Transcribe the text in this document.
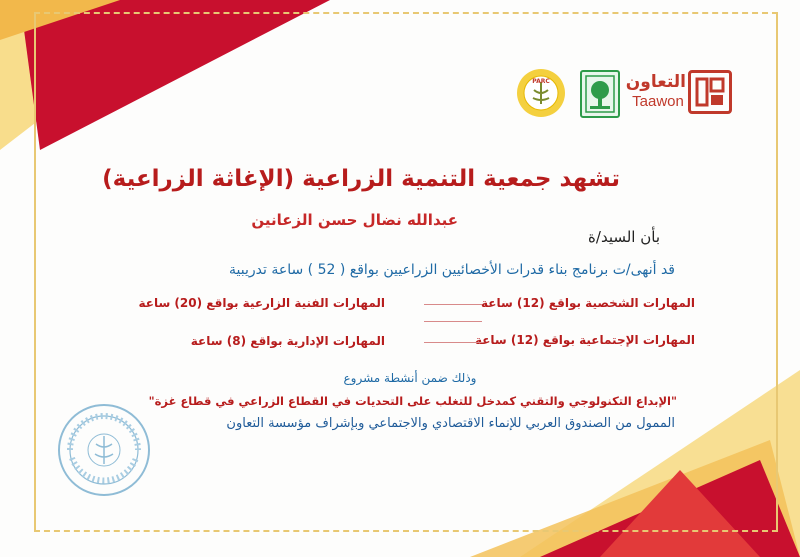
التعاون
Taawon
PARC
تشهد جمعية التنمية الزراعية (الإغاثة الزراعية)
عبدالله نضال حسن الزعانين
بأن السيد/ة
قد أنهى/ت برنامج بناء قدرات الأخصائيين الزراعيين بواقع ( 52 ) ساعة تدريبية
المهارات الشخصية بواقع (12) ساعة
المهارات الفنية الزارعية بواقع (20) ساعة
المهارات الإجتماعية بواقع (12) ساعة
المهارات الإدارية بواقع (8) ساعة
وذلك ضمن أنشطة مشروع
"الإبداع التكنولوجي والتقني كمدخل للتغلب على التحديات في القطاع الزراعي في قطاع غزة"
الممول من الصندوق العربي للإنماء الاقتصادي والاجتماعي وبإشراف مؤسسة التعاون
